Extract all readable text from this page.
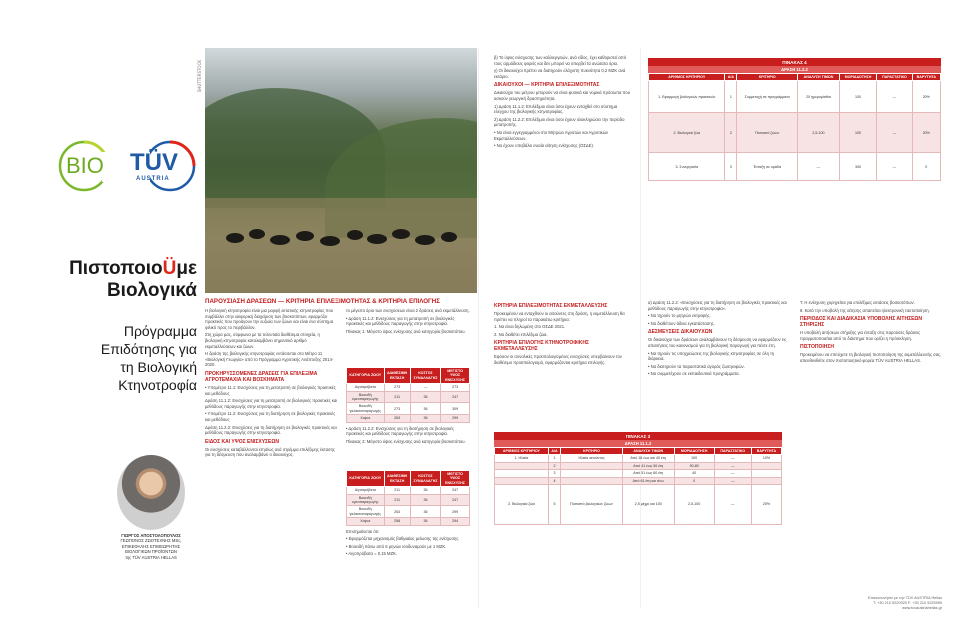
BIO TÜV
AUSTRIA
ΠιστοποιοÜμε
Βιολογικά
Πρόγραμμα
Επιδότησης για
τη Βιολογική
Κτηνοτροφία
ΓΙΩΡΓΟΣ ΑΠΟΣΤΟΛΟΠΟΥΛΟΣ
ΓΕΩΠΟΝΟΣ ΖΩΟΤΕΧΝΗΣ MSc,
ΕΠΙΚΕΦΑΛΗΣ ΕΠΙΘΕΩΡΗΤΗΣ
ΒΙΟΛΟΓΙΚΩΝ ΠΡΟΪΟΝΤΩΝ
της TÜV AUSTRIA HELLAS
SHUTTERSTOCK
ΠΑΡΟΥΣΙΑΣΗ ΔΡΑΣΕΩΝ — ΚΡΙΤΗΡΙΑ ΕΠΙΛΕΞΙΜΟΤΗΤΑΣ & ΚΡΙΤΗΡΙΑ ΕΠΙΛΟΓΗΣ

Η βιολογική κτηνοτροφία είναι μια μορφή εκτατικής κτηνοτροφίας που συμβάλλει στην αειφορική διαχείριση των βοσκοτόπων, εφαρμόζει πρακτικές που προάγουν την ευζωία των ζώων και είναι ένα σύστημα φιλικό προς το περιβάλλον.

Στη χώρα μας, σύμφωνα με τα τελευταία διαθέσιμα στοιχεία, η βιολογική κτηνοτροφία καταλαμβάνει σημαντικό αριθμό εκμεταλλεύσεων και ζώων.

Η δράση της βιολογικής κτηνοτροφίας εντάσσεται στο Μέτρο 11 «Βιολογική Γεωργία» από το Πρόγραμμα Αγροτικής Ανάπτυξης 2014-2020.

ΠΡΟΚΗΡΥΣΣΟΜΕΝΕΣ ΔΡΑΣΕΙΣ ΓΙΑ ΕΠΙΛΕΞΙΜΑ ΑΓΡΟΤΕΜΑΧΙΑ ΚΑΙ ΒΟΣΚΗΜΑΤΑ

• Υπομέτρο 11.1: Ενισχύσεις για τη μετατροπή σε βιολογικές πρακτικές και μεθόδους

Δράση 11.1.2: Ενισχύσεις για τη μετατροπή σε βιολογικές πρακτικές και μεθόδους παραγωγής στην κτηνοτροφία.

• Υπομέτρο 11.2: Ενισχύσεις για τη διατήρηση σε βιολογικές πρακτικές και μεθόδους

Δράση 11.2.2: Ενισχύσεις για τη διατήρηση σε βιολογικές πρακτικές και μεθόδους παραγωγής στην κτηνοτροφία.

ΕΙΔΟΣ ΚΑΙ ΥΨΟΣ ΕΝΙΣΧΥΣΕΩΝ

Οι ενισχύσεις καταβάλλονται ετησίως ανά στρέμμα επιλέξιμης έκτασης για τη δέσμευση που αναλαμβάνει ο δικαιούχος.

το μέγιστο όριο των ενισχύσεων είναι 2 δράσεις ανά εκμετάλλευση.

• Δράση 11.1.2: Ενισχύσεις για τη μετατροπή σε βιολογικές πρακτικές και μεθόδους παραγωγής στην κτηνοτροφία.

Πίνακας 1: Μέγιστο ύψος ενίσχυσης ανά κατηγορία βοσκοτόπου.

ΚΑΤΗΓΟΡΙΑ ΖΩΟΥ	ΔΙΑΘΕΣΙΜΗ ΕΚΤΑΣΗ	ΚΟΣΤΟΣ ΣΥΝΑΛΛΑΓΗΣ	ΜΕΓΙΣΤΟ ΥΨΟΣ ΕΝΙΣΧΥΣΗΣ
Αιγοπρόβατα	273	—	273
Βοοειδή κρεοπαραγωγής	211	36	247
Βοοειδή γαλακτοπαραγωγής	273	36	309
Χοίροι	263	36	299

• Δράση 11.2.2: Ενισχύσεις για τη διατήρηση σε βιολογικές πρακτικές και μεθόδους παραγωγής στην κτηνοτροφία.

Πίνακας 2: Μέγιστο ύψος ενίσχυσης ανά κατηγορία βοσκοτόπου.

ΚΑΤΗΓΟΡΙΑ ΖΩΟΥ	ΔΙΑΘΕΣΙΜΗ ΕΚΤΑΣΗ	ΚΟΣΤΟΣ ΣΥΝΑΛΛΑΓΗΣ	ΜΕΓΙΣΤΟ ΥΨΟΣ ΕΝΙΣΧΥΣΗΣ
Αιγοπρόβατα	211	36	247
Βοοειδή κρεοπαραγωγής	211	36	247
Βοοειδή γαλακτοπαραγωγής	263	36	299
Χοίροι	258	36	294

Επισημαίνεται ότι:

• Εφαρμόζεται μηχανισμός βαθμιαίας μείωσης της ενίσχυσης.

• Βοοειδή πάνω από 6 μηνών ισοδυναμούν με 1 ΜΖΚ.

• Αιγοπρόβατα = 0,15 ΜΖΚ.

β) Το ύψος ενίσχυσης των καλλιεργειών, ανά είδος, έχει καθοριστεί από τους αρμόδιους φορείς και δεν μπορεί να υπερβεί τα ανώτατα όρια.

γ) Οι δικαιούχοι πρέπει να διατηρούν ελάχιστη πυκνότητα 0,2 ΜΖΚ ανά εκτάριο.

ΔΙΚΑΙΟΥΧΟΙ — ΚΡΙΤΗΡΙΑ ΕΠΙΛΕΞΙΜΟΤΗΤΑΣ

Δικαιούχοι του μέτρου μπορούν να είναι φυσικά και νομικά πρόσωπα που ασκούν γεωργική δραστηριότητα.

1) Δράση 11.1.2: Επιλέξιμοι είναι όσοι έχουν ενταχθεί στο σύστημα ελέγχου της βιολογικής κτηνοτροφίας.

2) Δράση 11.2.2: Επιλέξιμοι είναι όσοι έχουν ολοκληρώσει την περίοδο μετατροπής.

• Να είναι εγγεγραμμένοι στο Μητρώο Αγροτών και Αγροτικών Εκμεταλλεύσεων.

• Να έχουν υποβάλει ενιαία αίτηση ενίσχυσης (ΟΣΔΕ).

ΚΡΙΤΗΡΙΑ ΕΠΙΛΕΞΙΜΟΤΗΤΑΣ ΕΚΜΕΤΑΛΛΕΥΣΗΣ

Προκειμένου να ενταχθούν οι αιτούντες στη δράση, η εκμετάλλευση θα πρέπει να πληροί τα παρακάτω κριτήρια:

1. Να είναι δηλωμένη στο ΟΣΔΕ 2021.

2. Να διαθέτει επιλέξιμα ζώα.

ΚΡΙΤΗΡΙΑ ΕΠΙΛΟΓΗΣ ΚΤΗΝΟΤΡΟΦΙΚΗΣ ΕΚΜΕΤΑΛΛΕΥΣΗΣ

Εφόσον οι συνολικές προϋπολογισμένες ενισχύσεις υπερβαίνουν τον διαθέσιμο προϋπολογισμό, εφαρμόζονται κριτήρια επιλογής.

α) Δράση 11.2.2: «Ενισχύσεις για τη διατήρηση σε βιολογικές πρακτικές και μεθόδους παραγωγής στην κτηνοτροφία».

• Να τηρούν το μητρώο εκτροφής.

• Να διαθέτουν άδεια εγκατάστασης.

ΔΕΣΜΕΥΣΕΙΣ ΔΙΚΑΙΟΥΧΩΝ

Οι δικαιούχοι των δράσεων αναλαμβάνουν τη δέσμευση να εφαρμόζουν τις απαιτήσεις του κανονισμού για τη βιολογική παραγωγή για πέντε έτη.

• Να τηρούν τις υποχρεώσεις της βιολογικής κτηνοτροφίας σε όλη τη διάρκεια.

• Να διατηρούν τα παραστατικά αγοράς ζωοτροφών.

• Να συμμετέχουν σε εκπαιδευτικά προγράμματα.

Τ. Η ενίσχυση χορηγείται για επιλέξιμες εκτάσεις βοσκοτόπων.

8. Κατά την υποβολή της αίτησης απαιτείται ηλεκτρονική ταυτοποίηση.

ΠΕΡΙΟΔΟΣ ΚΑΙ ΔΙΑΔΙΚΑΣΙΑ ΥΠΟΒΟΛΗΣ ΑΙΤΗΣΕΩΝ ΣΤΗΡΙΞΗΣ

Η υποβολή αιτήσεων στήριξης για ένταξη στις παρούσες δράσεις πραγματοποιείται από το διάστημα που ορίζει η πρόσκληση.

ΠΙΣΤΟΠΟΙΗΣΗ

Προκειμένου να επιτύχετε τη βιολογική πιστοποίηση της εκμετάλλευσής σας, απευθυνθείτε στον πιστοποιητικό φορέα TÜV AUSTRIA HELLAS.

ΠΙΝΑΚΑΣ 4
ΔΡΑΣΗ 11.2.2
ΑΡΙΘΜΟΣ ΚΡΙΤΗΡΙΟΥ	Α/Α	ΚΡΙΤΗΡΙΟ	ΑΝΑΛΥΣΗ ΤΙΜΩΝ	ΜΟΡΙΑΔΟΤΗΣΗ	ΠΑΡΑΣΤΑΤΙΚΟ	ΒΑΡΥΤΗΤΑ
1. Εφαρμογή βιολογικών πρακτικών	1	Συμμετοχή σε προγράμματα	20 ημερομίσθια	100	—	20%
2. Βιολογικά ζώα	2	Ποσοστό ζώων	2,5-100	100	—	20%
3. Συνεργασία	3	Ένταξη σε ομάδα	—	300	—	0
ΠΙΝΑΚΑΣ 3
ΔΡΑΣΗ 11.1.2
ΑΡΙΘΜΟΣ ΚΡΙΤΗΡΙΟΥ	Α/Α	ΚΡΙΤΗΡΙΟ	ΑΝΑΛΥΣΗ ΤΙΜΩΝ	ΜΟΡΙΑΔΟΤΗΣΗ	ΠΑΡΑΣΤΑΤΙΚΟ	ΒΑΡΥΤΗΤΑ
1. Ηλικία	1	Ηλικία αιτούντος	Από 18 έως και 40 έτη	100	—	10%
	2		Από 41 έως 50 έτη	90-80	—	
	3		Από 51 έως 60 έτη	40	—	
	4		Από 61 έτη και άνω	0	—	
2. Βιολογικά ζώα	5	Ποσοστό βιολογικών ζώων	2,5 μέχρι και 100	2,5-100	—	20%
Επικοινωνήστε με την TÜV AUSTRIA Hellas
Τ: +30 210 5220920 F: +30 210 5225959
www.tuvaustriahellas.gr
